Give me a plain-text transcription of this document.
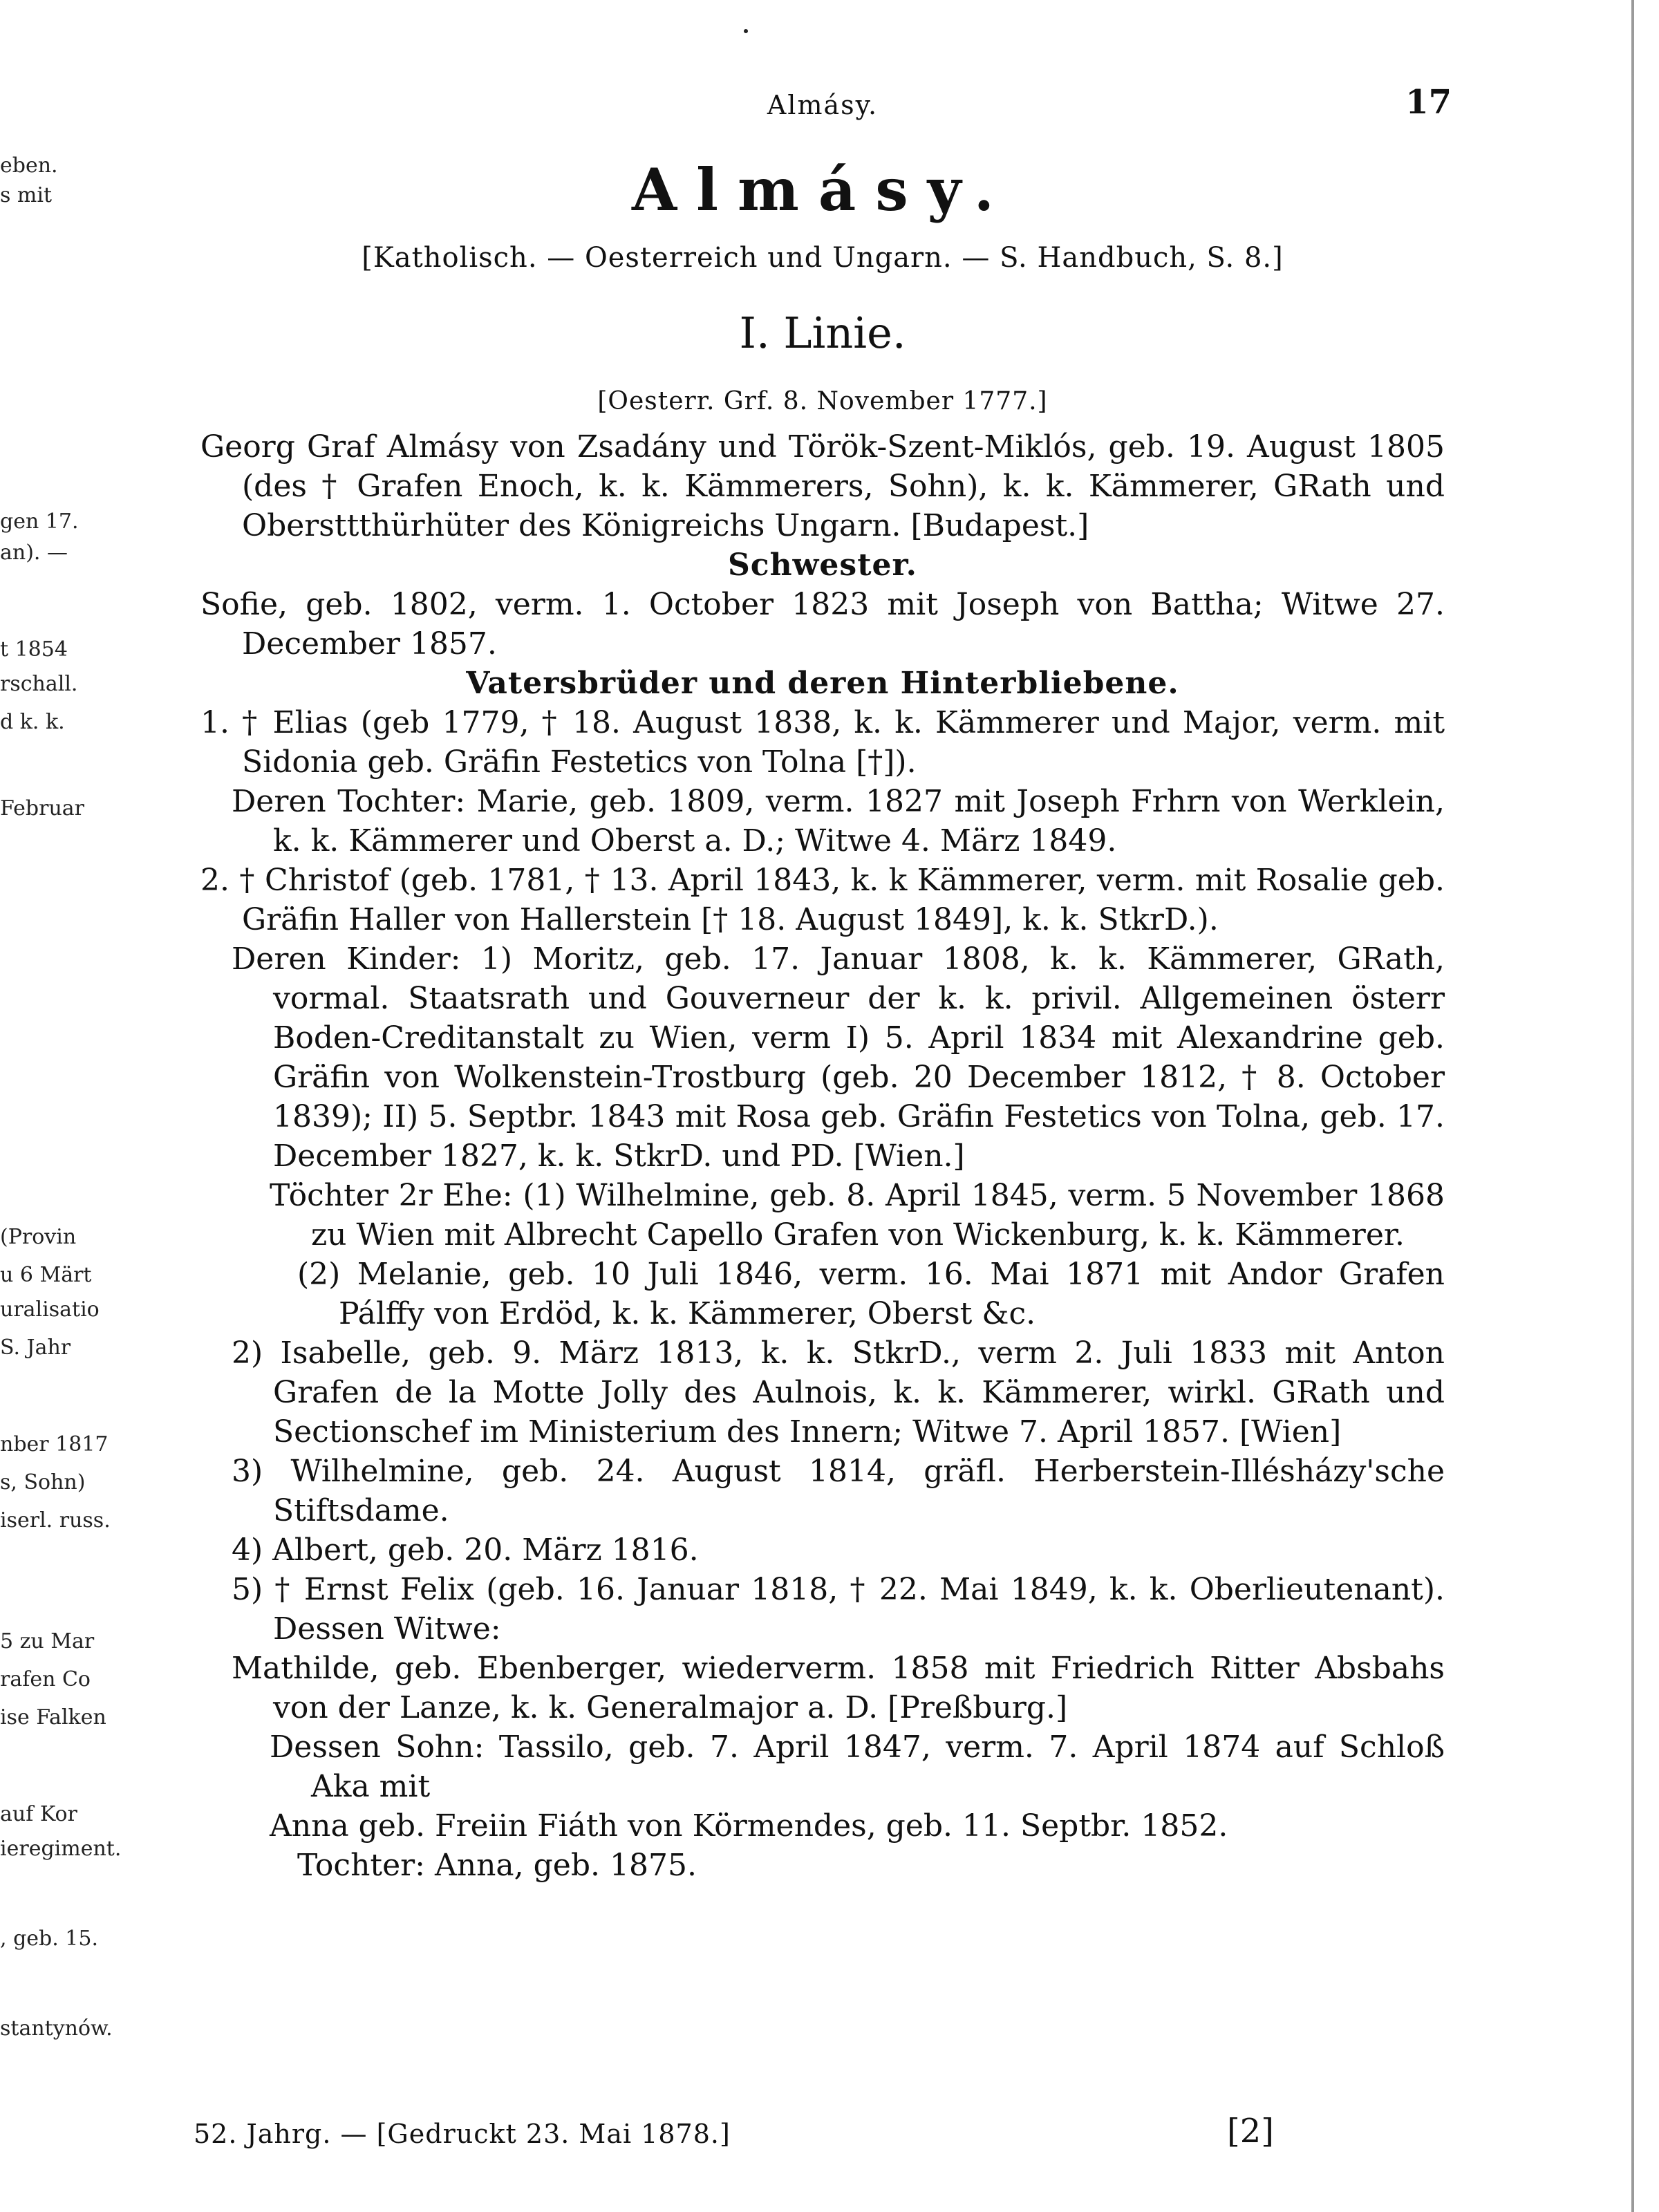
eben.
s mit
gen 17.
an). —
t 1854
rschall.
d k. k.
Februar
(Provin
u 6 Märt
uralisatio
S. Jahr
nber 1817
s, Sohn)
iserl. russ.
5 zu Mar
rafen Co
ise Falken
auf Kor
ieregiment.
, geb. 15.
stantynów.
Almásy.	17
Almásy.
[Katholisch. — Oesterreich und Ungarn. — S. Handbuch, S. 8.]
I. Linie.
[Oesterr. Grf. 8. November 1777.]

Georg Graf Almásy von Zsadány und Török-Szent-Miklós, geb. 19. August 1805 (des † Grafen Enoch, k. k. Kämmerers, Sohn), k. k. Kämmerer, GRath und Obersttthürhüter des Königreichs Ungarn. [Budapest.]

Schwester.

Sofie, geb. 1802, verm. 1. October 1823 mit Joseph von Battha; Witwe 27. December 1857.

Vatersbrüder und deren Hinterbliebene.

1. † Elias (geb 1779, † 18. August 1838, k. k. Kämmerer und Major, verm. mit Sidonia geb. Gräfin Festetics von Tolna [†]).

Deren Tochter: Marie, geb. 1809, verm. 1827 mit Joseph Frhrn von Werklein, k. k. Kämmerer und Oberst a. D.; Witwe 4. März 1849.

2. † Christof (geb. 1781, † 13. April 1843, k. k Kämmerer, verm. mit Rosalie geb. Gräfin Haller von Hallerstein [† 18. August 1849], k. k. StkrD.).

Deren Kinder: 1) Moritz, geb. 17. Januar 1808, k. k. Kämmerer, GRath, vormal. Staatsrath und Gouverneur der k. k. privil. Allgemeinen österr Boden-Creditanstalt zu Wien, verm I) 5. April 1834 mit Alexandrine geb. Gräfin von Wolkenstein-Trostburg (geb. 20 December 1812, † 8. October 1839); II) 5. Septbr. 1843 mit Rosa geb. Gräfin Festetics von Tolna, geb. 17. December 1827, k. k. StkrD. und PD. [Wien.]

Töchter 2r Ehe: (1) Wilhelmine, geb. 8. April 1845, verm. 5 November 1868 zu Wien mit Albrecht Capello Grafen von Wickenburg, k. k. Kämmerer.

(2) Melanie, geb. 10 Juli 1846, verm. 16. Mai 1871 mit Andor Grafen Pálffy von Erdöd, k. k. Kämmerer, Oberst &c.

2) Isabelle, geb. 9. März 1813, k. k. StkrD., verm 2. Juli 1833 mit Anton Grafen de la Motte Jolly des Aulnois, k. k. Kämmerer, wirkl. GRath und Sectionschef im Ministerium des Innern; Witwe 7. April 1857. [Wien]

3) Wilhelmine, geb. 24. August 1814, gräfl. Herberstein-Illésházy'sche Stiftsdame.

4) Albert, geb. 20. März 1816.

5) † Ernst Felix (geb. 16. Januar 1818, † 22. Mai 1849, k. k. Oberlieutenant). Dessen Witwe:

Mathilde, geb. Ebenberger, wiederverm. 1858 mit Friedrich Ritter Absbahs von der Lanze, k. k. Generalmajor a. D. [Preßburg.]

Dessen Sohn: Tassilo, geb. 7. April 1847, verm. 7. April 1874 auf Schloß Aka mit

Anna geb. Freiin Fiáth von Körmendes, geb. 11. Septbr. 1852.

Tochter: Anna, geb. 1875.

52. Jahrg. — [Gedruckt 23. Mai 1878.]	[2]
